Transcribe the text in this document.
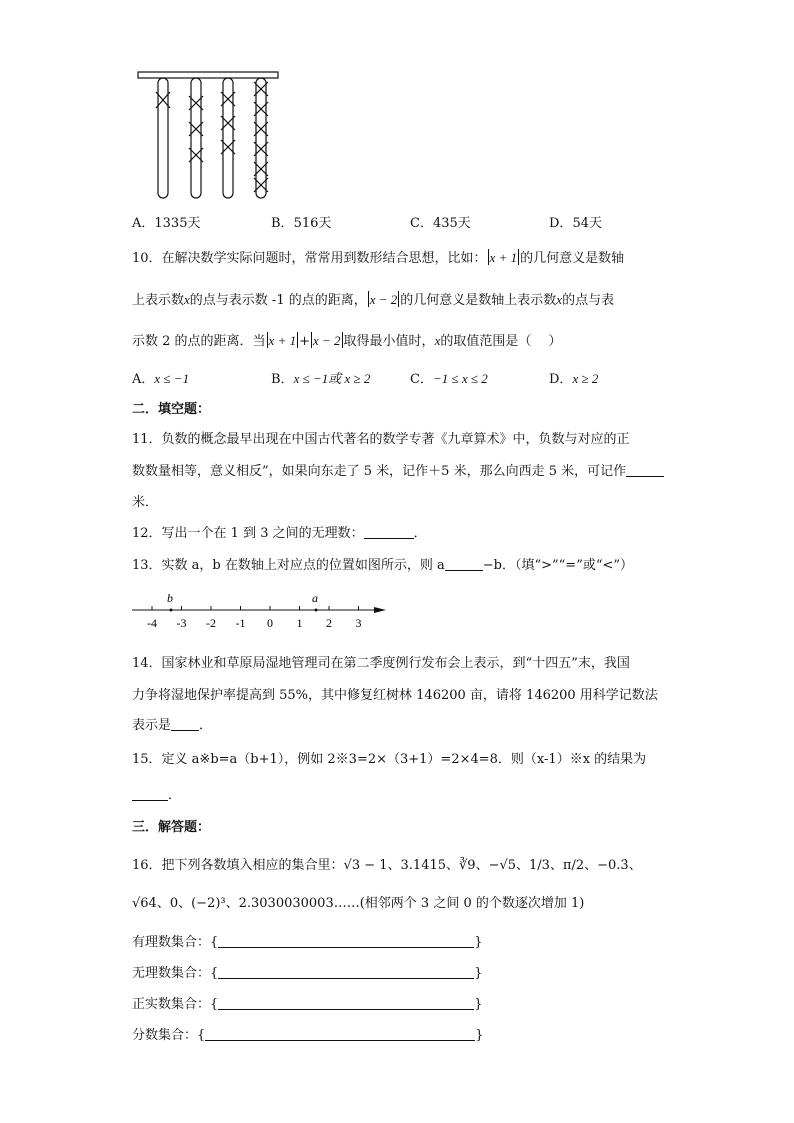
A．1335天	B．516天	C．435天	D．54天
10．在解决数学实际问题时，常常用到数形结合思想，比如： x + 1 的几何意义是数轴
上表示数x的点与表示数 -1 的点的距离， x − 2 的几何意义是数轴上表示数x的点与表
示数 2 的点的距离．当 x + 1 + x − 2 取得最小值时，x的取值范围是（　 ）
A．x ≤ −1	B．x ≤ −1或 x ≥ 2	C．−1 ≤ x ≤ 2	D．x ≥ 2
二．填空题：
11．负数的概念最早出现在中国古代著名的数学专著《九章算术》中，负数与对应的正
数数量相等，意义相反”，如果向东走了 5 米，记作＋5 米，那么向西走 5 米，可记作
米．
12．写出一个在 1 到 3 之间的无理数：	．
13．实数 a，b 在数轴上对应点的位置如图所示，则 a	−b．（填“>”“=”或“<”）
-4 -3 -2 -1 0 1 2 3
b	a
14．国家林业和草原局湿地管理司在第二季度例行发布会上表示，到“十四五”末，我国
力争将湿地保护率提高到 55%，其中修复红树林 146200 亩，请将 146200 用科学记数法
表示是 ．
15．定义 a※b=a（b+1），例如 2※3=2×（3+1）=2×4=8．则（x-1）※x 的结果为
．
三．解答题：
16．把下列各数填入相应的集合里：√3 − 1、3.1415、∛9、−√5、1/3、π/2、−0.3̇、
√64、0、(−2)³、2.3030030003……(相邻两个 3 之间 0 的个数逐次增加 1)
有理数集合：{	}
无理数集合：{	}
正实数集合：{	}
分数集合：{	}
